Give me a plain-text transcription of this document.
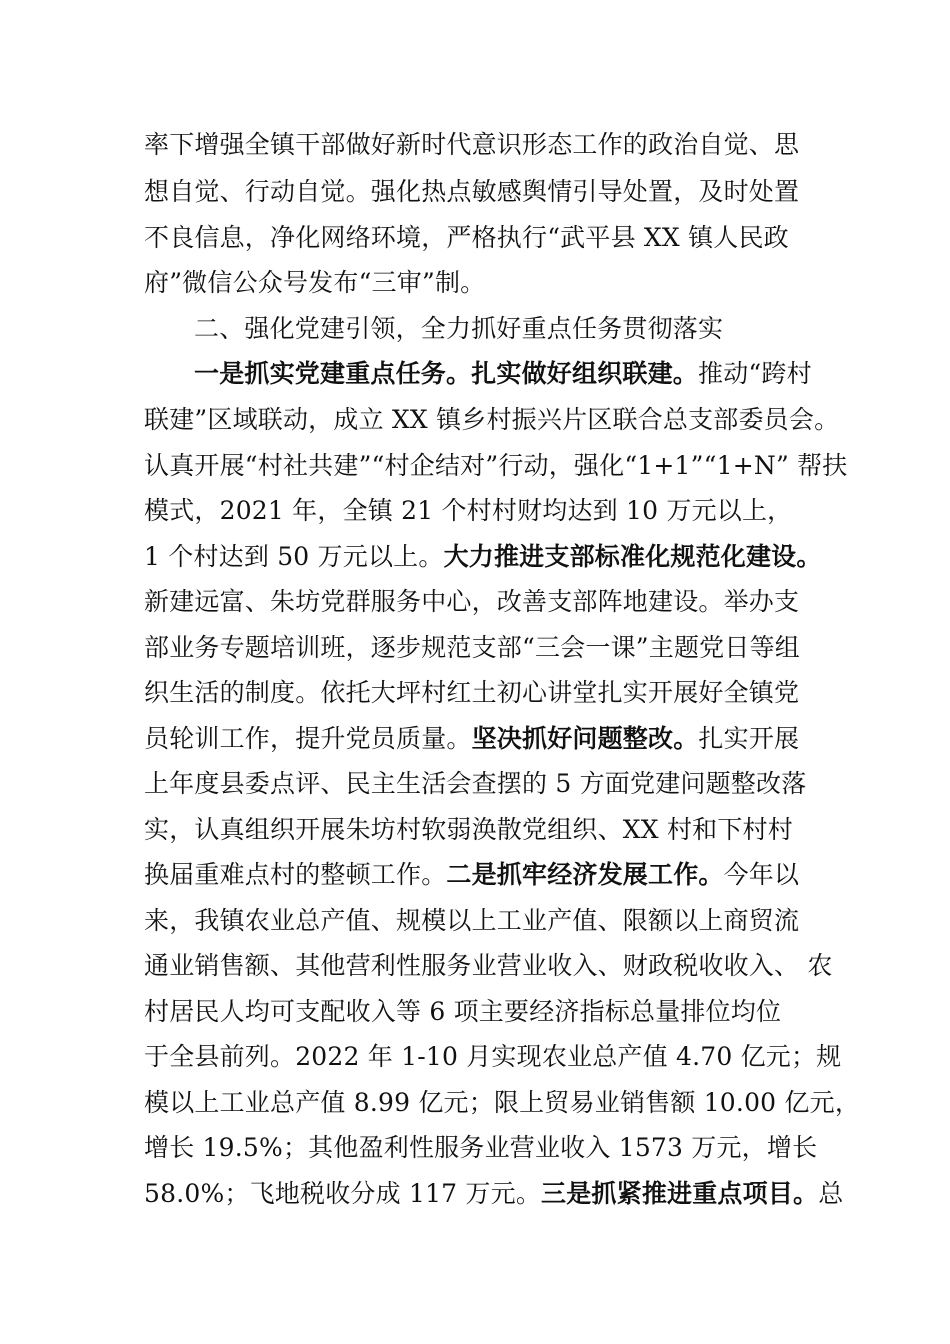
率下增强全镇干部做好新时代意识形态工作的政治自觉、思
想自觉、行动自觉。强化热点敏感舆情引导处置，及时处置
不良信息，净化网络环境，严格执行“武平县 XX 镇人民政
府”微信公众号发布“三审”制。
二、强化党建引领，全力抓好重点任务贯彻落实
一是抓实党建重点任务。扎实做好组织联建。推动“跨村
联建”区域联动，成立 XX 镇乡村振兴片区联合总支部委员会。
认真开展“村社共建”“村企结对”行动，强化“1+1”“1+N” 帮扶
模式，2021 年，全镇 21 个村村财均达到 10 万元以上，
1 个村达到 50 万元以上。大力推进支部标准化规范化建设。
新建远富、朱坊党群服务中心，改善支部阵地建设。举办支
部业务专题培训班，逐步规范支部“三会一课”主题党日等组
织生活的制度。依托大坪村红土初心讲堂扎实开展好全镇党
员轮训工作，提升党员质量。坚决抓好问题整改。扎实开展
上年度县委点评、民主生活会查摆的 5 方面党建问题整改落
实，认真组织开展朱坊村软弱涣散党组织、XX 村和下村村
换届重难点村的整顿工作。二是抓牢经济发展工作。今年以
来，我镇农业总产值、规模以上工业产值、限额以上商贸流
通业销售额、其他营利性服务业营业收入、财政税收收入、 农
村居民人均可支配收入等 6 项主要经济指标总量排位均位
于全县前列。2022 年 1-10 月实现农业总产值 4.70 亿元；规
模以上工业总产值 8.99 亿元；限上贸易业销售额 10.00 亿元，
增长 19.5%；其他盈利性服务业营业收入 1573 万元，增长
58.0%；飞地税收分成 117 万元。三是抓紧推进重点项目。总
